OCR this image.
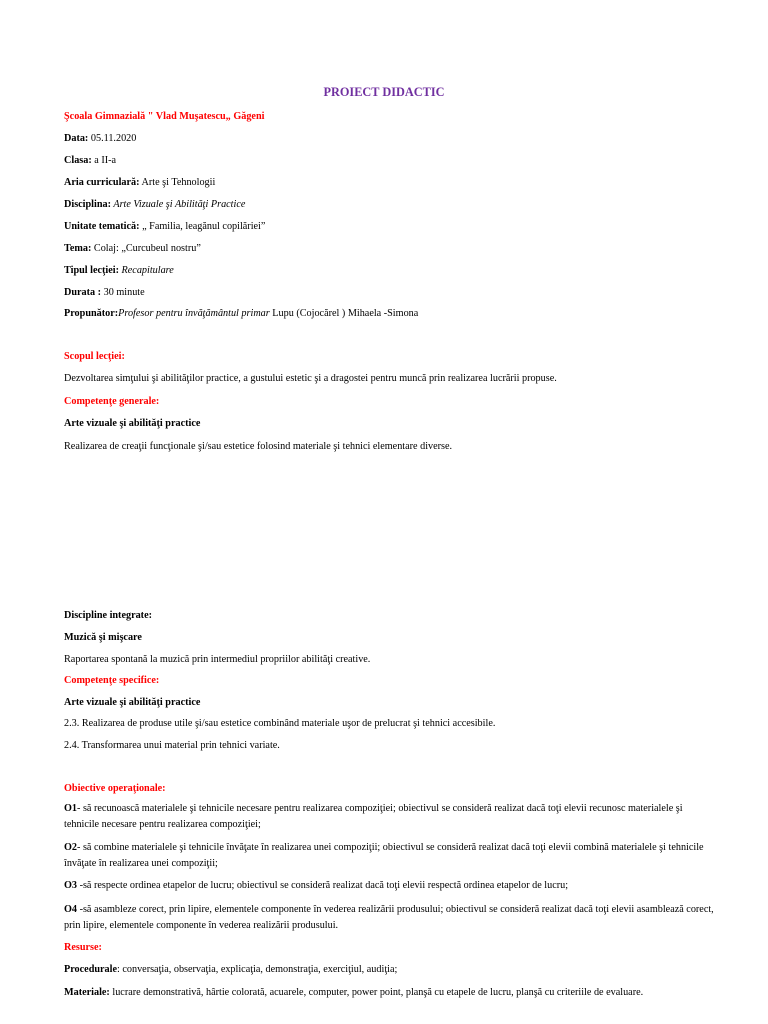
PROIECT DIDACTIC
Şcoala Gimnazială " Vlad Muşatescu„ Găgeni
Data: 05.11.2020
Clasa: a II-a
Aria curriculară: Arte şi Tehnologii
Disciplina: Arte Vizuale şi Abilităţi Practice
Unitate tematică: „ Familia, leagănul copilăriei”
Tema: Colaj: „Curcubeul nostru”
Tipul lecţiei: Recapitulare
Durata : 30 minute
Propunător:Profesor pentru învăţământul primar Lupu (Cojocărel ) Mihaela -Simona
Scopul lecţiei:
Dezvoltarea simţului şi abilităţilor practice, a gustului estetic şi a dragostei pentru muncă prin realizarea lucrării propuse.
Competenţe generale:
Arte vizuale şi abilităţi practice
Realizarea de creaţii funcţionale şi/sau estetice folosind materiale şi tehnici elementare diverse.
Discipline integrate:
Muzică şi mişcare
Raportarea spontană la muzică prin intermediul propriilor abilităţi creative.
Competenţe specifice:
Arte vizuale şi abilităţi practice
2.3. Realizarea de produse utile şi/sau estetice combinând materiale uşor de prelucrat şi tehnici accesibile.
2.4. Transformarea unui material prin tehnici variate.
Obiective operaţionale:
O1- să recunoască materialele şi tehnicile necesare pentru realizarea compoziţiei; obiectivul se consideră realizat dacă toţi elevii recunosc materialele şi tehnicile necesare pentru realizarea compoziţiei;
O2- să combine materialele şi tehnicile învăţate în realizarea unei compoziţii; obiectivul se consideră realizat dacă toţi elevii combină materialele şi tehnicile învăţate în realizarea unei compoziţii;
O3 -să respecte ordinea etapelor de lucru; obiectivul se consideră realizat dacă toţi elevii respectă ordinea etapelor de lucru;
O4 -să asambleze corect, prin lipire, elementele componente în vederea realizării produsului; obiectivul se consideră realizat dacă toţi elevii asamblează corect, prin lipire, elementele componente în vederea realizării produsului.
Resurse:
Procedurale: conversaţia, observaţia, explicaţia, demonstraţia, exerciţiul, audiţia;
Materiale: lucrare demonstrativă, hârtie colorată, acuarele, computer, power point, planşă cu etapele de lucru, planşă cu criteriile de evaluare.
